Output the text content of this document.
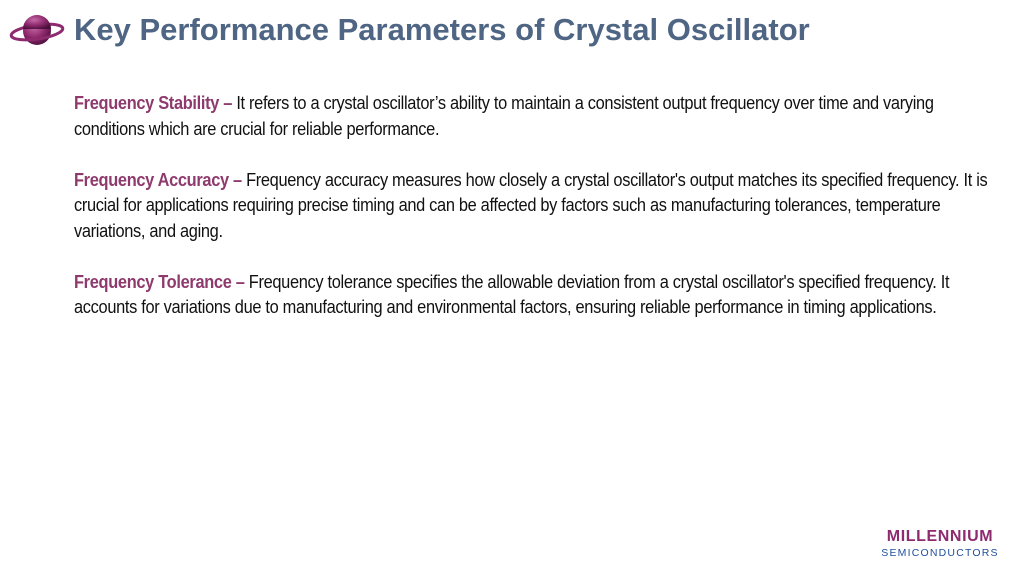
Key Performance Parameters of Crystal Oscillator

Frequency Stability – It refers to a crystal oscillator’s ability to maintain a consistent output frequency over time and varying conditions which are crucial for reliable performance.

Frequency Accuracy – Frequency accuracy measures how closely a crystal oscillator's output matches its specified frequency. It is crucial for applications requiring precise timing and can be affected by factors such as manufacturing tolerances, temperature variations, and aging.

Frequency Tolerance – Frequency tolerance specifies the allowable deviation from a crystal oscillator's specified frequency. It accounts for variations due to manufacturing and environmental factors, ensuring reliable performance in timing applications.

MILLENNIUM
SEMICONDUCTORS
